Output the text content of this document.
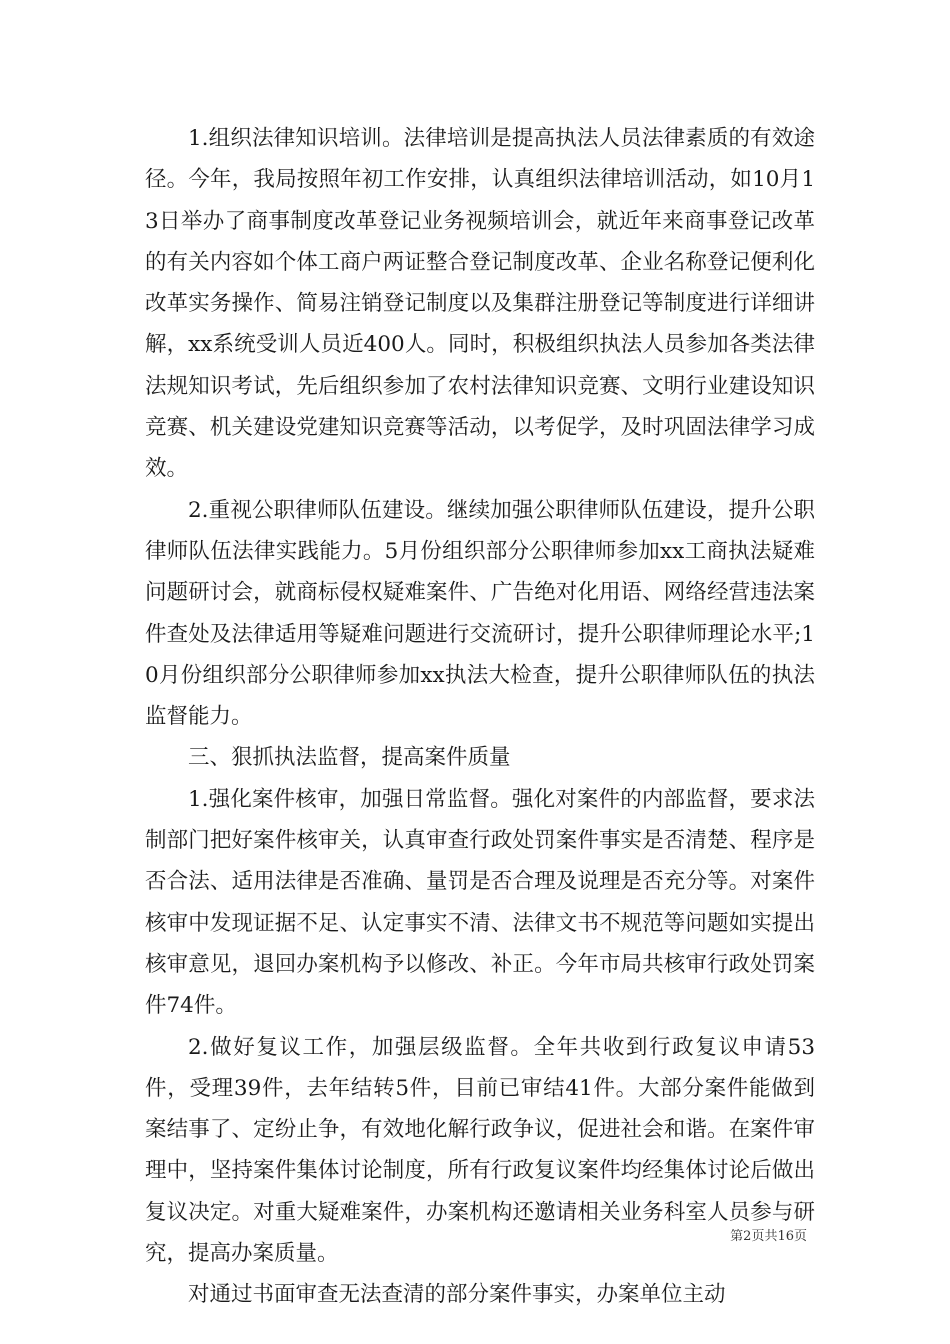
1.组织法律知识培训。法律培训是提高执法人员法律素质的有效途径。今年，我局按照年初工作安排，认真组织法律培训活动，如10月13日举办了商事制度改革登记业务视频培训会，就近年来商事登记改革的有关内容如个体工商户两证整合登记制度改革、企业名称登记便利化改革实务操作、简易注销登记制度以及集群注册登记等制度进行详细讲解，xx系统受训人员近400人。同时，积极组织执法人员参加各类法律法规知识考试，先后组织参加了农村法律知识竞赛、文明行业建设知识竞赛、机关建设党建知识竞赛等活动，以考促学，及时巩固法律学习成效。

2.重视公职律师队伍建设。继续加强公职律师队伍建设，提升公职律师队伍法律实践能力。5月份组织部分公职律师参加xx工商执法疑难问题研讨会，就商标侵权疑难案件、广告绝对化用语、网络经营违法案件查处及法律适用等疑难问题进行交流研讨，提升公职律师理论水平;10月份组织部分公职律师参加xx执法大检查，提升公职律师队伍的执法监督能力。

三、狠抓执法监督，提高案件质量

1.强化案件核审，加强日常监督。强化对案件的内部监督，要求法制部门把好案件核审关，认真审查行政处罚案件事实是否清楚、程序是否合法、适用法律是否准确、量罚是否合理及说理是否充分等。对案件核审中发现证据不足、认定事实不清、法律文书不规范等问题如实提出核审意见，退回办案机构予以修改、补正。今年市局共核审行政处罚案件74件。

2.做好复议工作，加强层级监督。全年共收到行政复议申请53件，受理39件，去年结转5件，目前已审结41件。大部分案件能做到案结事了、定纷止争，有效地化解行政争议，促进社会和谐。在案件审理中，坚持案件集体讨论制度，所有行政复议案件均经集体讨论后做出复议决定。对重大疑难案件，办案机构还邀请相关业务科室人员参与研究，提高办案质量。

对通过书面审查无法查清的部分案件事实，办案单位主动

第2页共16页
